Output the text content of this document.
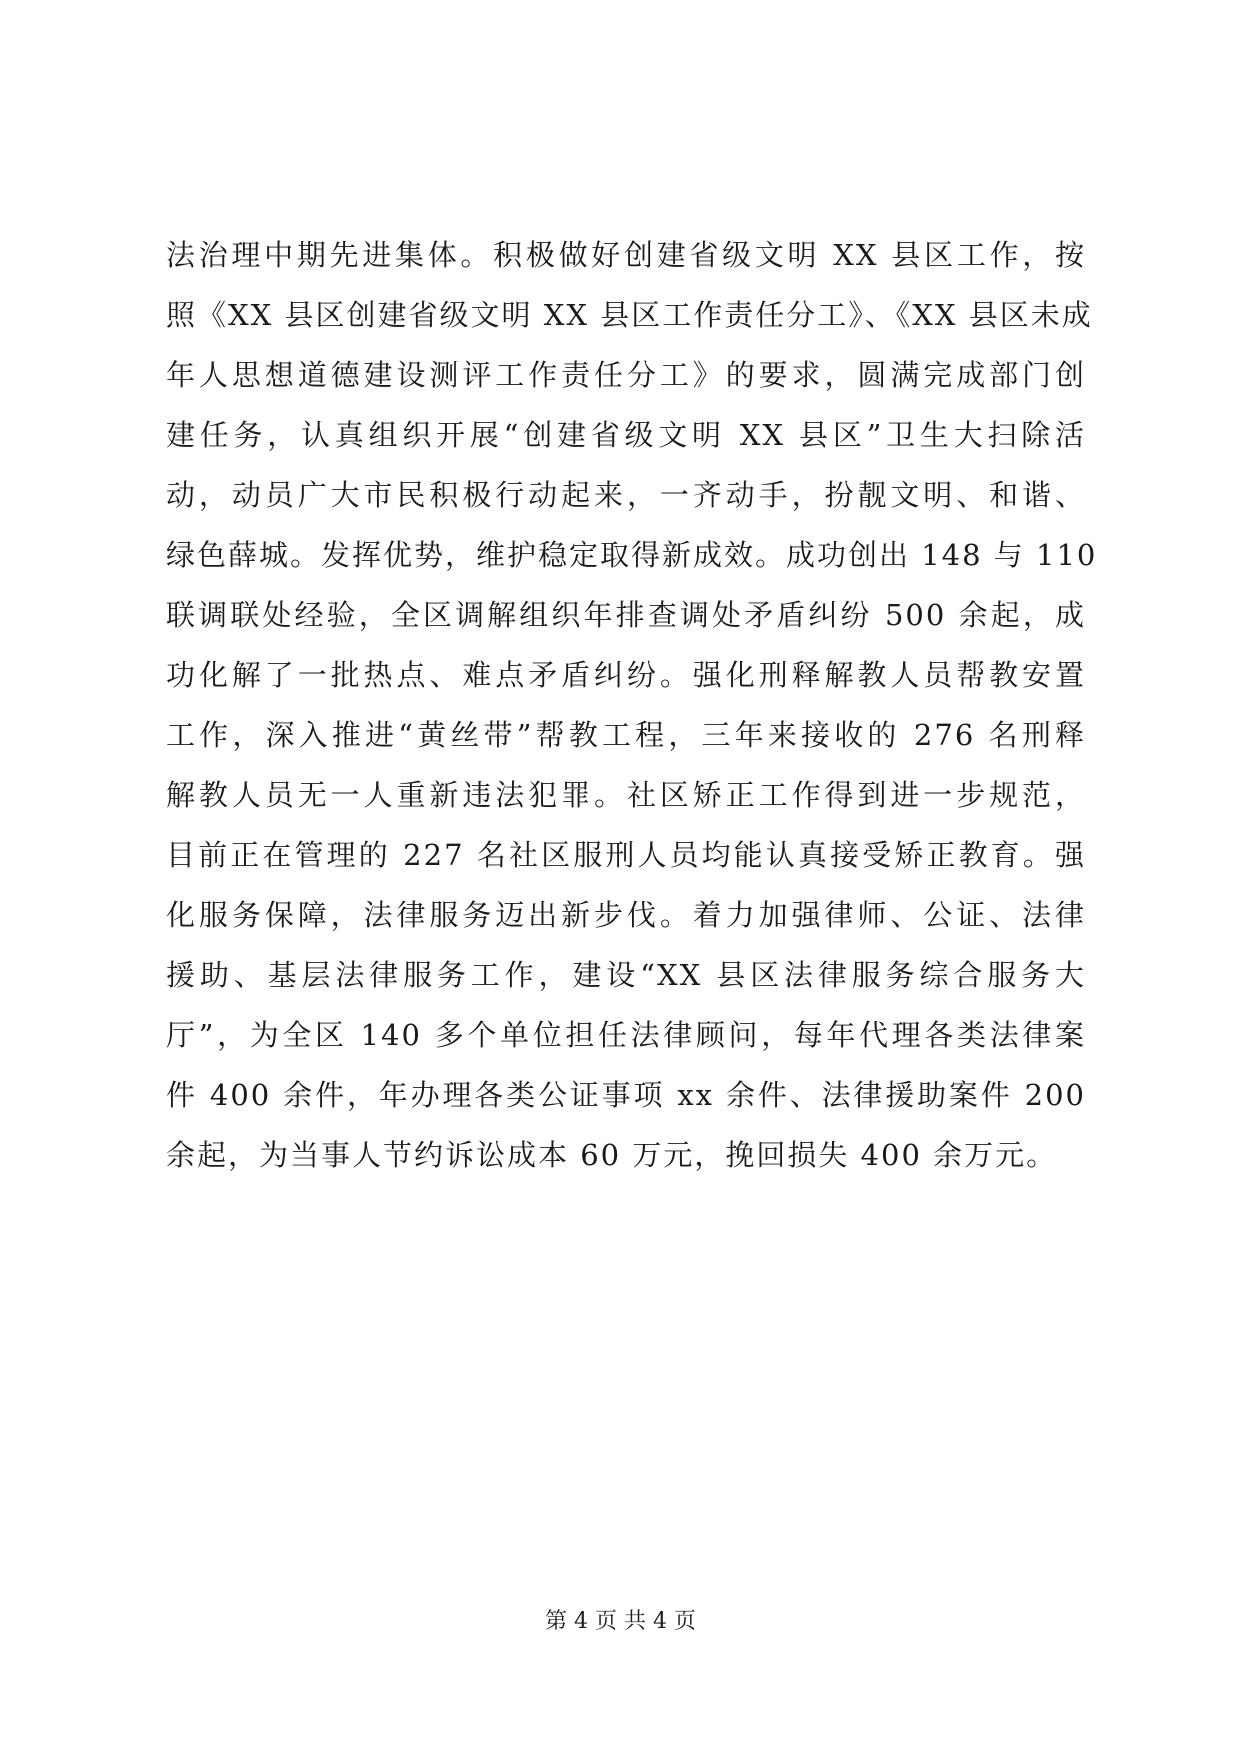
法治理中期先进集体。积极做好创建省级文明 XX 县区工作，按
照《XX 县区创建省级文明 XX 县区工作责任分工》、《XX 县区未成
年人思想道德建设测评工作责任分工》的要求，圆满完成部门创
建任务，认真组织开展“创建省级文明 XX 县区”卫生大扫除活
动，动员广大市民积极行动起来，一齐动手，扮靓文明、和谐、
绿色薛城。发挥优势，维护稳定取得新成效。成功创出 148 与 110
联调联处经验，全区调解组织年排查调处矛盾纠纷 500 余起，成
功化解了一批热点、难点矛盾纠纷。强化刑释解教人员帮教安置
工作，深入推进“黄丝带”帮教工程，三年来接收的 276 名刑释
解教人员无一人重新违法犯罪。社区矫正工作得到进一步规范，
目前正在管理的 227 名社区服刑人员均能认真接受矫正教育。强
化服务保障，法律服务迈出新步伐。着力加强律师、公证、法律
援助、基层法律服务工作，建设“XX 县区法律服务综合服务大
厅”，为全区 140 多个单位担任法律顾问，每年代理各类法律案
件 400 余件，年办理各类公证事项 xx 余件、法律援助案件 200
余起，为当事人节约诉讼成本 60 万元，挽回损失 400 余万元。
第 4 页 共 4 页
